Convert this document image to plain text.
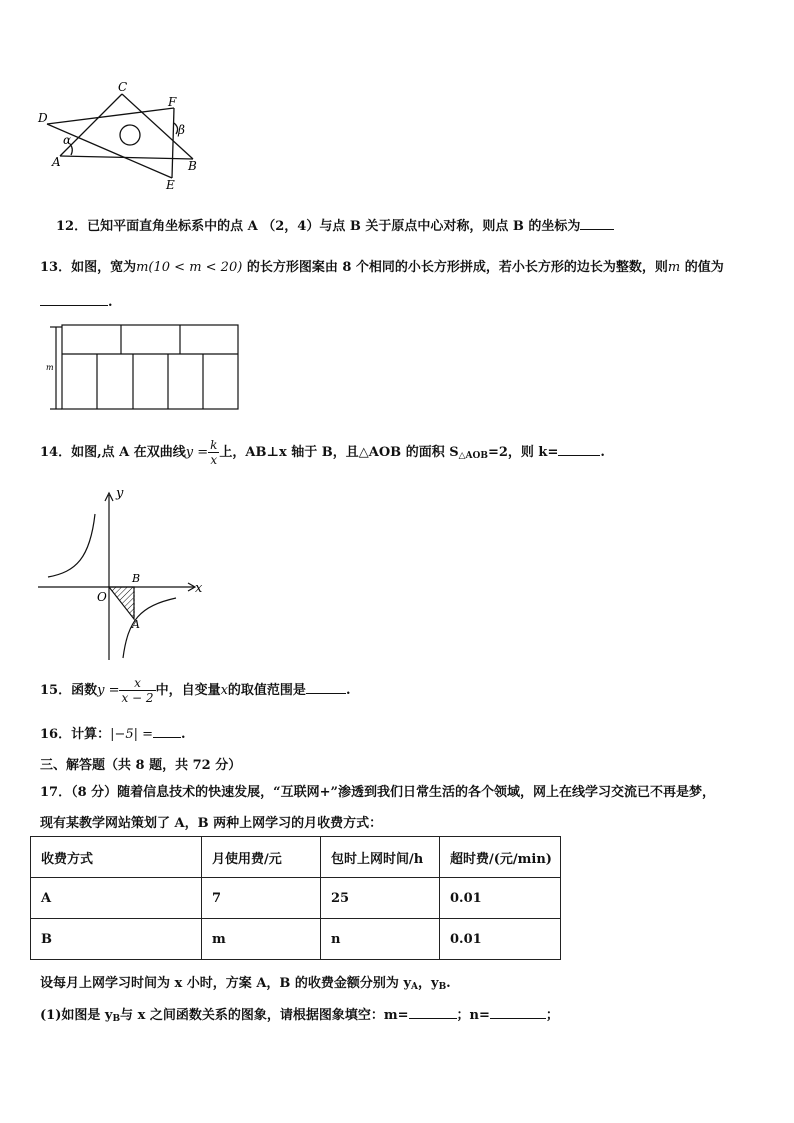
C
F
D
α
β
A	B
E
12．已知平面直角坐标系中的点 A （2，4）与点 B 关于原点中心对称，则点 B 的坐标为
13．如图，宽为m(10 < m < 20) 的长方形图案由 8 个相同的小长方形拼成，若小长方形的边长为整数，则m 的值为
.
m
14．如图,点 A 在双曲线$y = \frac{k}{x}$ 上，AB⊥x 轴于 B，且△AOB 的面积 $S_{\triangle AOB}=2$，则 k=	.
y
x
O
B
A
15．函数$y = \frac{x}{x - 2}$ 中，自变量x的取值范围是	.
16．计算：|−5| = .
三、解答题（共 8 题，共 72 分）
17．（8 分）随着信息技术的快速发展，“互联网+”渗透到我们日常生活的各个领域，网上在线学习交流已不再是梦，
现有某教学网站策划了 A，B 两种上网学习的月收费方式：
收费方式	月使用费/元	包时上网时间/h	超时费/(元/min)
A	7	25	0.01
B	m	n	0.01
设每月上网学习时间为 x 小时，方案 A，B 的收费金额分别为 $y_A$，$y_B$.
(1)如图是 $y_B$与 x 之间函数关系的图象，请根据图象填空：m=	；n=	；
